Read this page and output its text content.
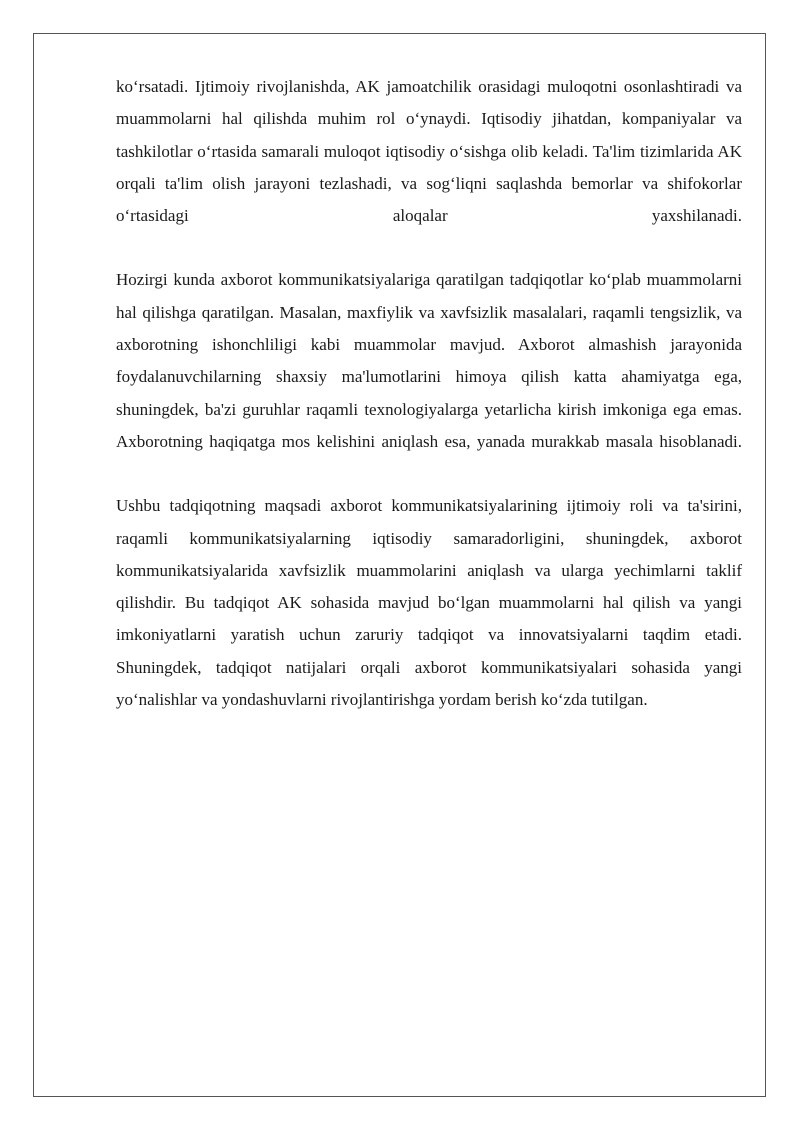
ko‘rsatadi. Ijtimoiy rivojlanishda, AK jamoatchilik orasidagi muloqotni osonlashtiradi va muammolarni hal qilishda muhim rol o‘ynaydi. Iqtisodiy jihatdan, kompaniyalar va tashkilotlar o‘rtasida samarali muloqot iqtisodiy o‘sishga olib keladi. Ta'lim tizimlarida AK orqali ta'lim olish jarayoni tezlashadi, va sog‘liqni saqlashda bemorlar va shifokorlar o‘rtasidagi aloqalar yaxshilanadi.

Hozirgi kunda axborot kommunikatsiyalariga qaratilgan tadqiqotlar ko‘plab muammolarni hal qilishga qaratilgan. Masalan, maxfiylik va xavfsizlik masalalari, raqamli tengsizlik, va axborotning ishonchliligi kabi muammolar mavjud. Axborot almashish jarayonida foydalanuvchilarning shaxsiy ma'lumotlarini himoya qilish katta ahamiyatga ega, shuningdek, ba'zi guruhlar raqamli texnologiyalarga yetarlicha kirish imkoniga ega emas. Axborotning haqiqatga mos kelishini aniqlash esa, yanada murakkab masala hisoblanadi.

Ushbu tadqiqotning maqsadi axborot kommunikatsiyalarining ijtimoiy roli va ta'sirini, raqamli kommunikatsiyalarning iqtisodiy samaradorligini, shuningdek, axborot kommunikatsiyalarida xavfsizlik muammolarini aniqlash va ularga yechimlarni taklif qilishdir. Bu tadqiqot AK sohasida mavjud bo‘lgan muammolarni hal qilish va yangi imkoniyatlarni yaratish uchun zaruriy tadqiqot va innovatsiyalarni taqdim etadi. Shuningdek, tadqiqot natijalari orqali axborot kommunikatsiyalari sohasida yangi yo‘nalishlar va yondashuvlarni rivojlantirishga yordam berish ko‘zda tutilgan.
